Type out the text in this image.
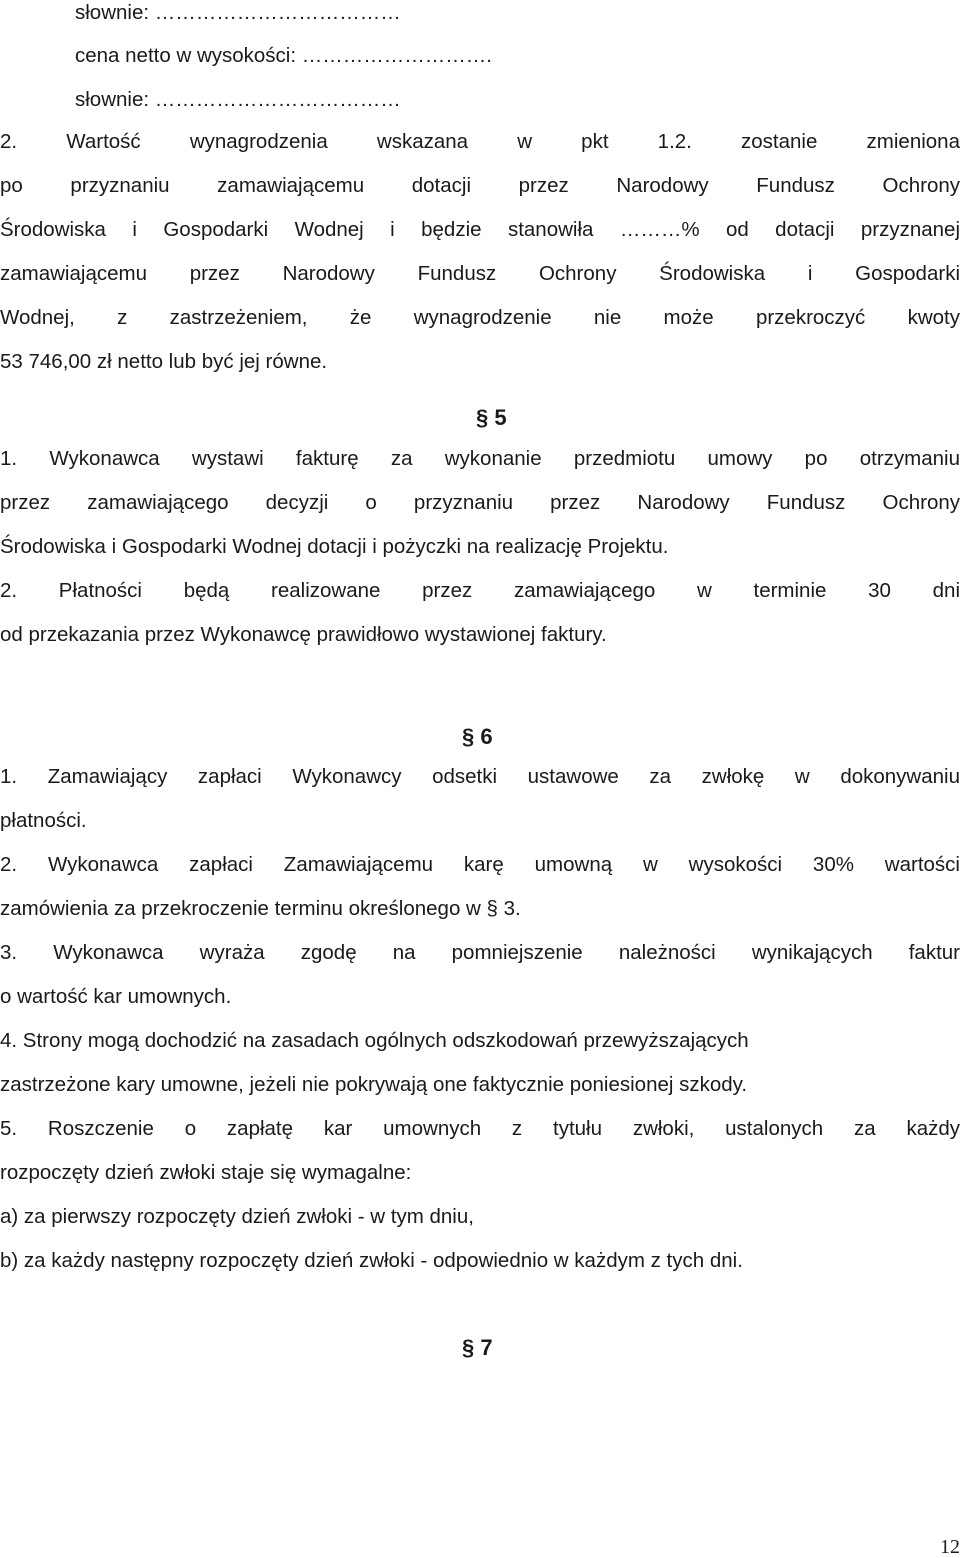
słownie: ………………………………
cena netto w wysokości: ……………………….
słownie: ………………………………
2. Wartość wynagrodzenia wskazana w pkt 1.2. zostanie zmieniona
po przyznaniu zamawiającemu dotacji przez Narodowy Fundusz Ochrony
Środowiska i Gospodarki Wodnej i będzie stanowiła ………% od dotacji przyznanej
zamawiającemu przez Narodowy Fundusz Ochrony Środowiska i Gospodarki
Wodnej, z zastrzeżeniem, że wynagrodzenie nie może przekroczyć kwoty
53 746,00 zł netto lub być jej równe.
§ 5
1. Wykonawca wystawi fakturę za wykonanie przedmiotu umowy po otrzymaniu
przez zamawiającego decyzji o przyznaniu przez Narodowy Fundusz Ochrony
Środowiska i Gospodarki Wodnej dotacji i pożyczki na realizację Projektu.
2. Płatności będą realizowane przez zamawiającego w terminie 30 dni
od przekazania przez Wykonawcę prawidłowo wystawionej faktury.
§ 6
1. Zamawiający zapłaci Wykonawcy odsetki ustawowe za zwłokę w dokonywaniu
płatności.
2. Wykonawca zapłaci Zamawiającemu karę umowną w wysokości 30% wartości
zamówienia za przekroczenie terminu określonego w § 3.
3. Wykonawca wyraża zgodę na pomniejszenie należności wynikających faktur
o wartość kar umownych.
4. Strony mogą dochodzić na zasadach ogólnych odszkodowań przewyższających
zastrzeżone kary umowne, jeżeli nie pokrywają one faktycznie poniesionej szkody.
5. Roszczenie o zapłatę kar umownych z tytułu zwłoki, ustalonych za każdy
rozpoczęty dzień zwłoki staje się wymagalne:
a) za pierwszy rozpoczęty dzień zwłoki - w tym dniu,
b) za każdy następny rozpoczęty dzień zwłoki - odpowiednio w każdym z tych dni.
§ 7
12
